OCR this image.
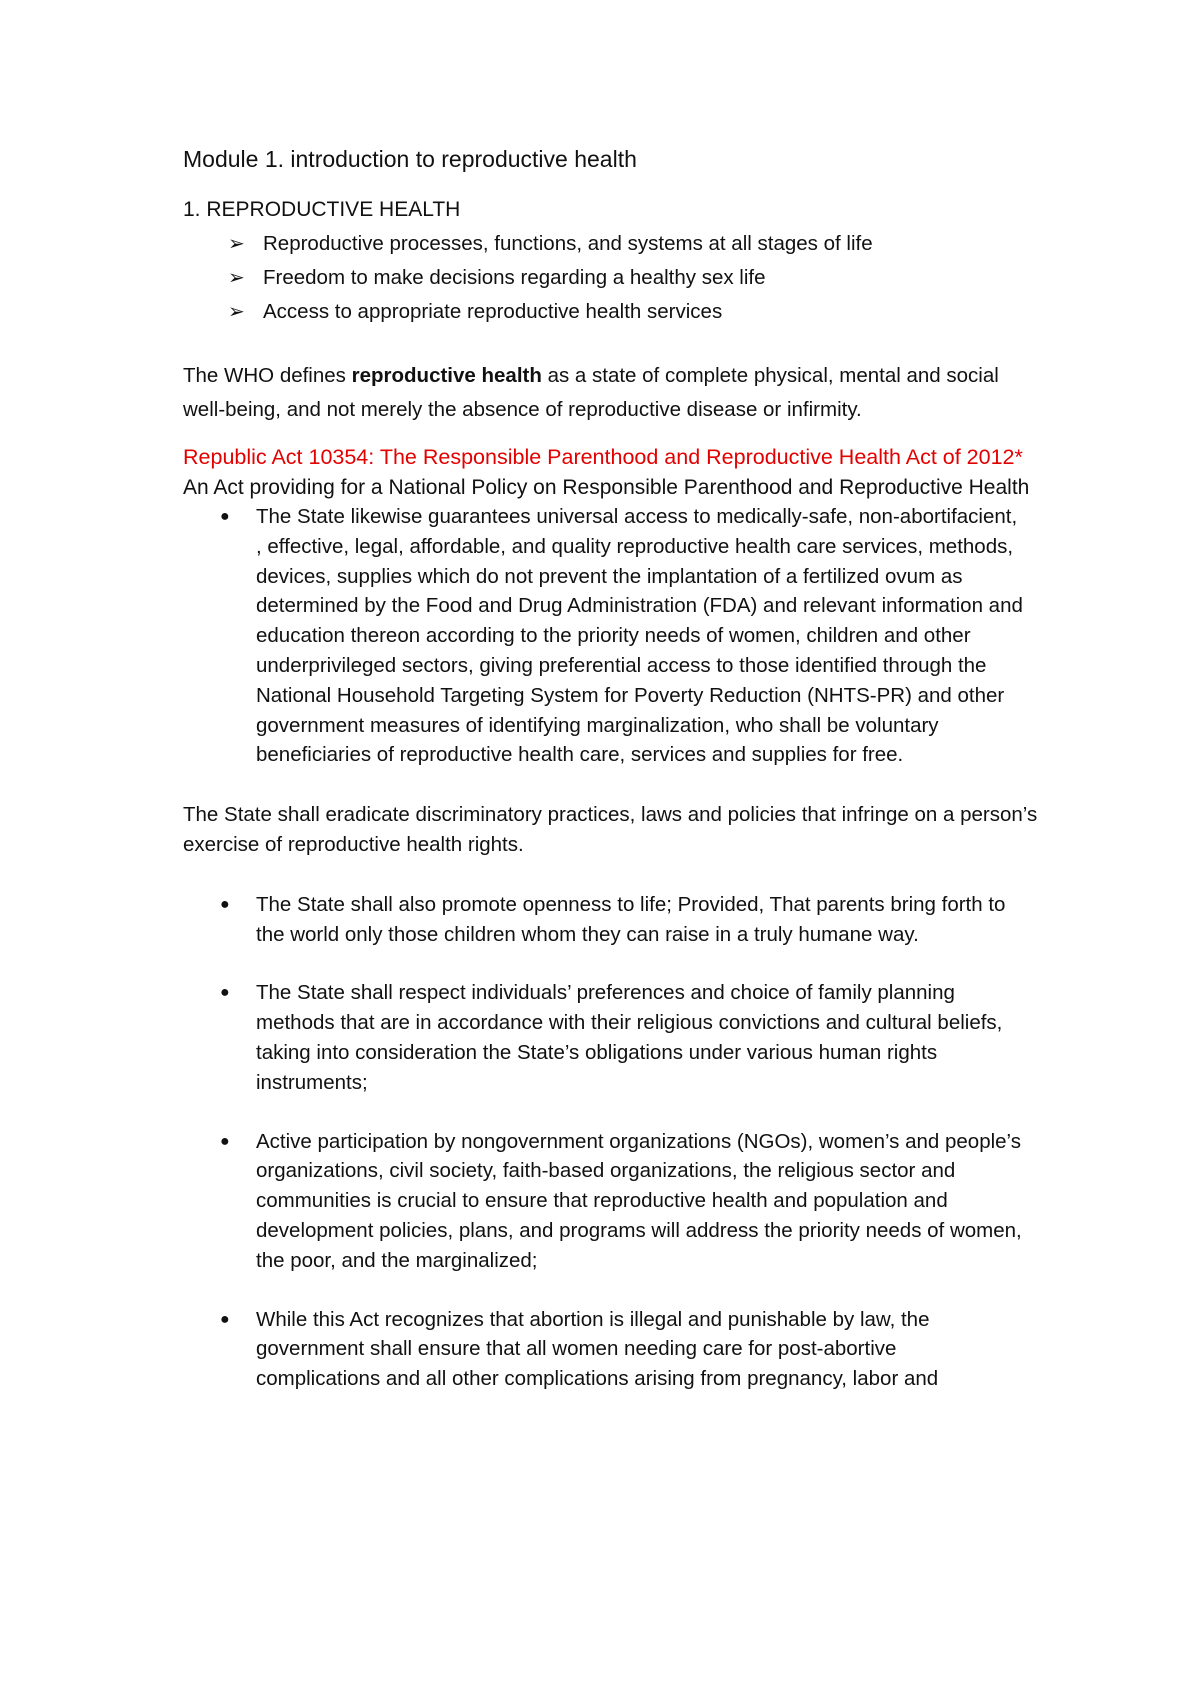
Module 1. introduction to reproductive health

1. REPRODUCTIVE HEALTH

➢ Reproductive processes, functions, and systems at all stages of life
➢ Freedom to make decisions regarding a healthy sex life
➢ Access to appropriate reproductive health services

The WHO defines reproductive health as a state of complete physical, mental and social well-being, and not merely the absence of reproductive disease or infirmity.

Republic Act 10354: The Responsible Parenthood and Reproductive Health Act of 2012*

An Act providing for a National Policy on Responsible Parenthood and Reproductive Health

● The State likewise guarantees universal access to medically-safe, non-abortifacient, , effective, legal, affordable, and quality reproductive health care services, methods, devices, supplies which do not prevent the implantation of a fertilized ovum as determined by the Food and Drug Administration (FDA) and relevant information and education thereon according to the priority needs of women, children and other underprivileged sectors, giving preferential access to those identified through the National Household Targeting System for Poverty Reduction (NHTS-PR) and other government measures of identifying marginalization, who shall be voluntary beneficiaries of reproductive health care, services and supplies for free.

The State shall eradicate discriminatory practices, laws and policies that infringe on a person’s exercise of reproductive health rights.

● The State shall also promote openness to life; Provided, That parents bring forth to the world only those children whom they can raise in a truly humane way.
● The State shall respect individuals’ preferences and choice of family planning methods that are in accordance with their religious convictions and cultural beliefs, taking into consideration the State’s obligations under various human rights instruments;
● Active participation by nongovernment organizations (NGOs), women’s and people’s organizations, civil society, faith-based organizations, the religious sector and communities is crucial to ensure that reproductive health and population and development policies, plans, and programs will address the priority needs of women, the poor, and the marginalized;
● While this Act recognizes that abortion is illegal and punishable by law, the government shall ensure that all women needing care for post-abortive complications and all other complications arising from pregnancy, labor and
